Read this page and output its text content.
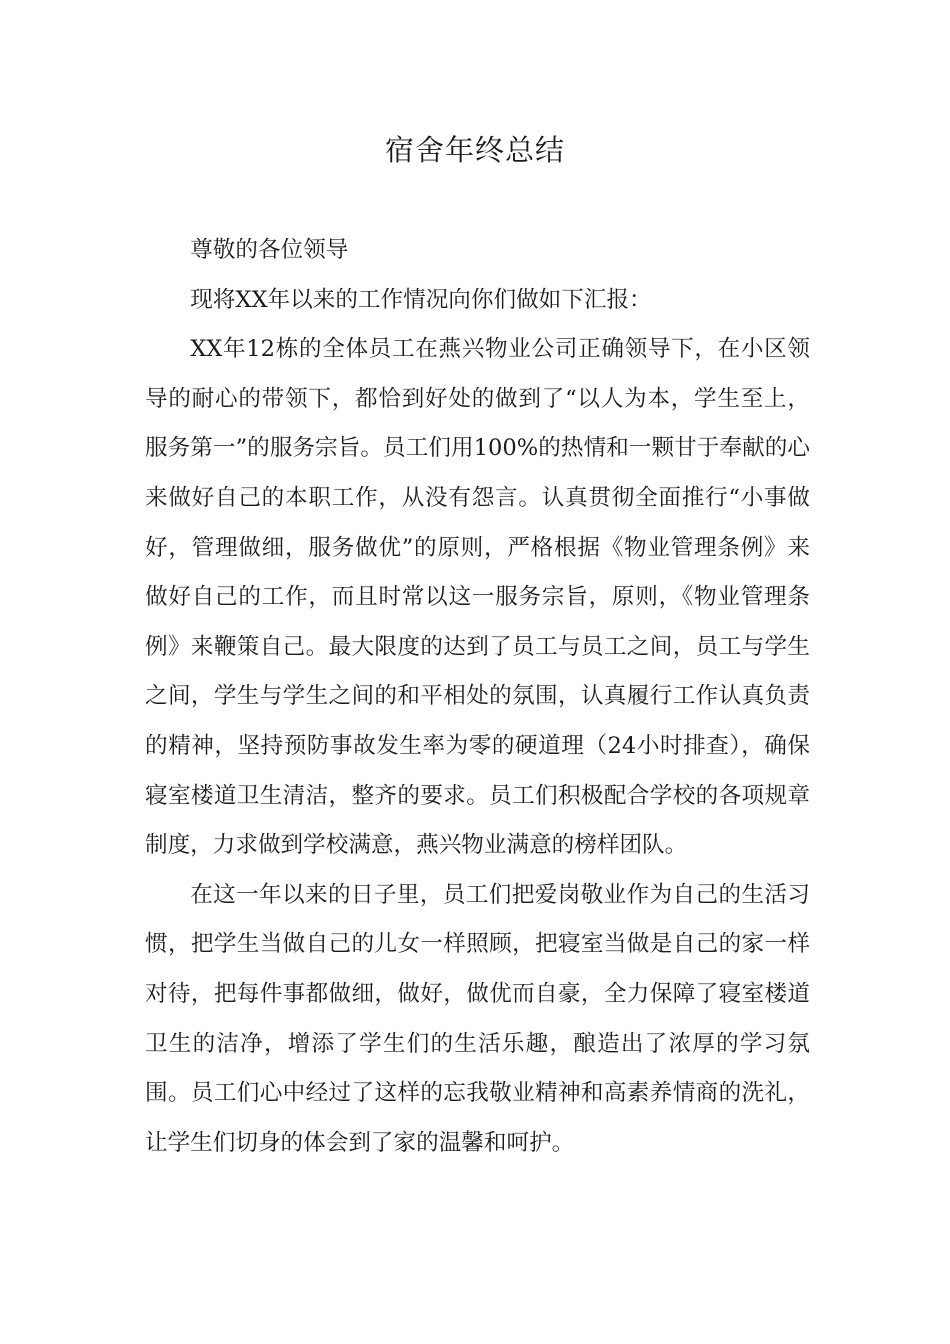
宿舍年终总结

尊敬的各位领导

现将XX年以来的工作情况向你们做如下汇报：

XX年12栋的全体员工在燕兴物业公司正确领导下，在小区领导的耐心的带领下，都恰到好处的做到了“以人为本，学生至上，服务第一”的服务宗旨。员工们用100%的热情和一颗甘于奉献的心来做好自己的本职工作，从没有怨言。认真贯彻全面推行“小事做好，管理做细，服务做优”的原则，严格根据《物业管理条例》来做好自己的工作，而且时常以这一服务宗旨，原则，《物业管理条例》来鞭策自己。最大限度的达到了员工与员工之间，员工与学生之间，学生与学生之间的和平相处的氛围，认真履行工作认真负责的精神，坚持预防事故发生率为零的硬道理（24小时排查），确保寝室楼道卫生清洁，整齐的要求。员工们积极配合学校的各项规章制度，力求做到学校满意，燕兴物业满意的榜样团队。

在这一年以来的日子里，员工们把爱岗敬业作为自己的生活习惯，把学生当做自己的儿女一样照顾，把寝室当做是自己的家一样对待，把每件事都做细，做好，做优而自豪，全力保障了寝室楼道卫生的洁净，增添了学生们的生活乐趣，酿造出了浓厚的学习氛围。员工们心中经过了这样的忘我敬业精神和高素养情商的洗礼，让学生们切身的体会到了家的温馨和呵护。
